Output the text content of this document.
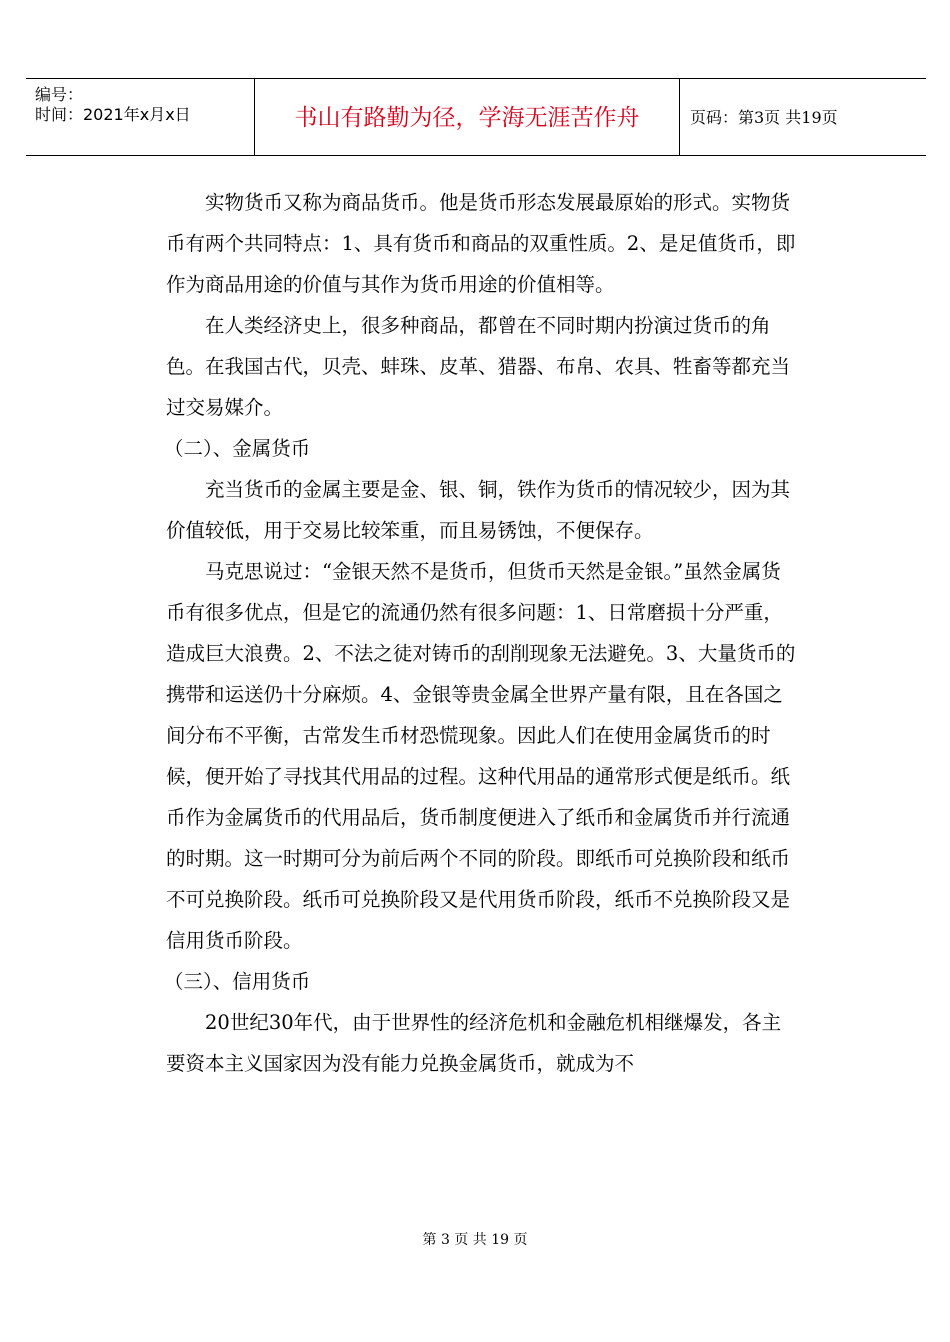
编号：
时间：2021年x月x日	书山有路勤为径，学海无涯苦作舟	页码：第3页 共19页

实物货币又称为商品货币。他是货币形态发展最原始的形式。实物货币有两个共同特点：1、具有货币和商品的双重性质。2、是足值货币，即作为商品用途的价值与其作为货币用途的价值相等。

在人类经济史上，很多种商品，都曾在不同时期内扮演过货币的角色。在我国古代，贝壳、蚌珠、皮革、猎器、布帛、农具、牲畜等都充当过交易媒介。

（二）、金属货币

充当货币的金属主要是金、银、铜，铁作为货币的情况较少，因为其价值较低，用于交易比较笨重，而且易锈蚀，不便保存。

马克思说过：“金银天然不是货币，但货币天然是金银。”虽然金属货币有很多优点，但是它的流通仍然有很多问题：1、日常磨损十分严重，造成巨大浪费。2、不法之徒对铸币的刮削现象无法避免。3、大量货币的携带和运送仍十分麻烦。4、金银等贵金属全世界产量有限，且在各国之间分布不平衡，古常发生币材恐慌现象。因此人们在使用金属货币的时候，便开始了寻找其代用品的过程。这种代用品的通常形式便是纸币。纸币作为金属货币的代用品后，货币制度便进入了纸币和金属货币并行流通的时期。这一时期可分为前后两个不同的阶段。即纸币可兑换阶段和纸币不可兑换阶段。纸币可兑换阶段又是代用货币阶段，纸币不兑换阶段又是信用货币阶段。

（三）、信用货币

20世纪30年代，由于世界性的经济危机和金融危机相继爆发，各主要资本主义国家因为没有能力兑换金属货币，就成为不

第 3 页 共 19 页
